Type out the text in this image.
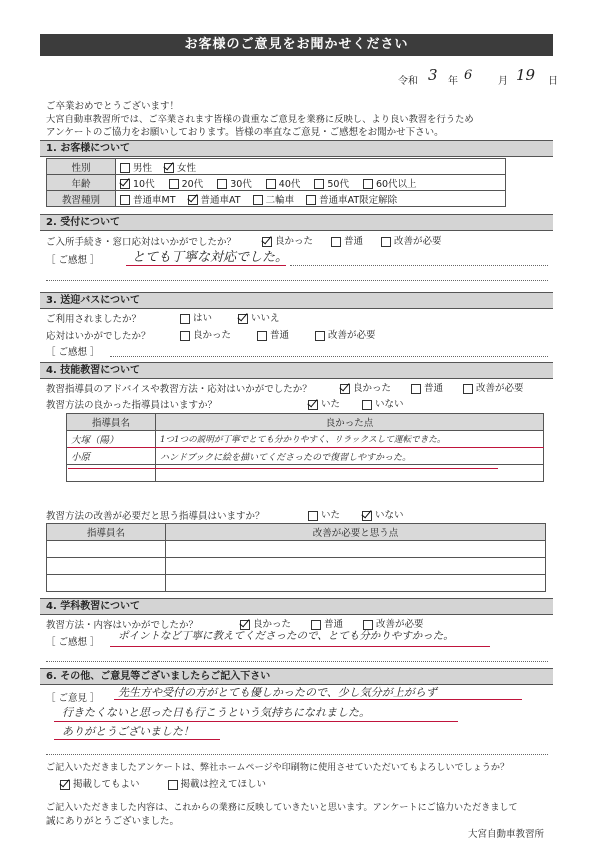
お客様のご意見をお聞かせください
令和 3 年 6	月 19 日
ご卒業おめでとうございます！
大宮自動車教習所では、ご卒業されます皆様の貴重なご意見を業務に反映し、より良い教習を行うため
アンケートのご協力をお願いしております。皆様の率直なご意見・ご感想をお聞かせ下さい。
1. お客様について
性別	男性 女性
年齢	10代 20代 30代 40代 50代 60代以上
教習種別	普通車MT 普通車AT 二輪車 普通車AT限定解除
2. 受付について
ご入所手続き・窓口応対はいかがでしたか？	良かった	普通	改善が必要
［ ご感想 ］ とても丁寧な対応でした。
3. 送迎バスについて
ご利用されましたか？	はい	いいえ
応対はいかがでしたか？	良かった	普通	改善が必要
［ ご感想 ］
4. 技能教習について
教習指導員のアドバイスや教習方法・応対はいかがでしたか？	良かった	普通	改善が必要
教習方法の良かった指導員はいますか？	いた	いない
指導員名	良かった点
大塚（陽）	1つ1つの説明が丁寧でとても分かりやすく、リラックスして運転できた。
小原	ハンドブックに絵を描いてくださったので復習しやすかった。

教習方法の改善が必要だと思う指導員はいますか？	いた	いない
指導員名	改善が必要と思う点

4. 学科教習について
教習方法・内容はいかがでしたか？	良かった	普通	改善が必要
［ ご感想 ］
ポイントなど丁寧に教えてくださったので、とても分かりやすかった。
6. その他、ご意見等ございましたらご記入下さい
［ ご意見 ］ 先生方や受付の方がとても優しかったので、少し気分が上がらず
行きたくないと思った日も行こうという気持ちになれました。
ありがとうございました！
ご記入いただきましたアンケートは、弊社ホームページや印刷物に使用させていただいてもよろしいでしょうか？
掲載してもよい	掲載は控えてほしい
ご記入いただきました内容は、これからの業務に反映していきたいと思います。アンケートにご協力いただきまして
誠にありがとうございました。
大宮自動車教習所
